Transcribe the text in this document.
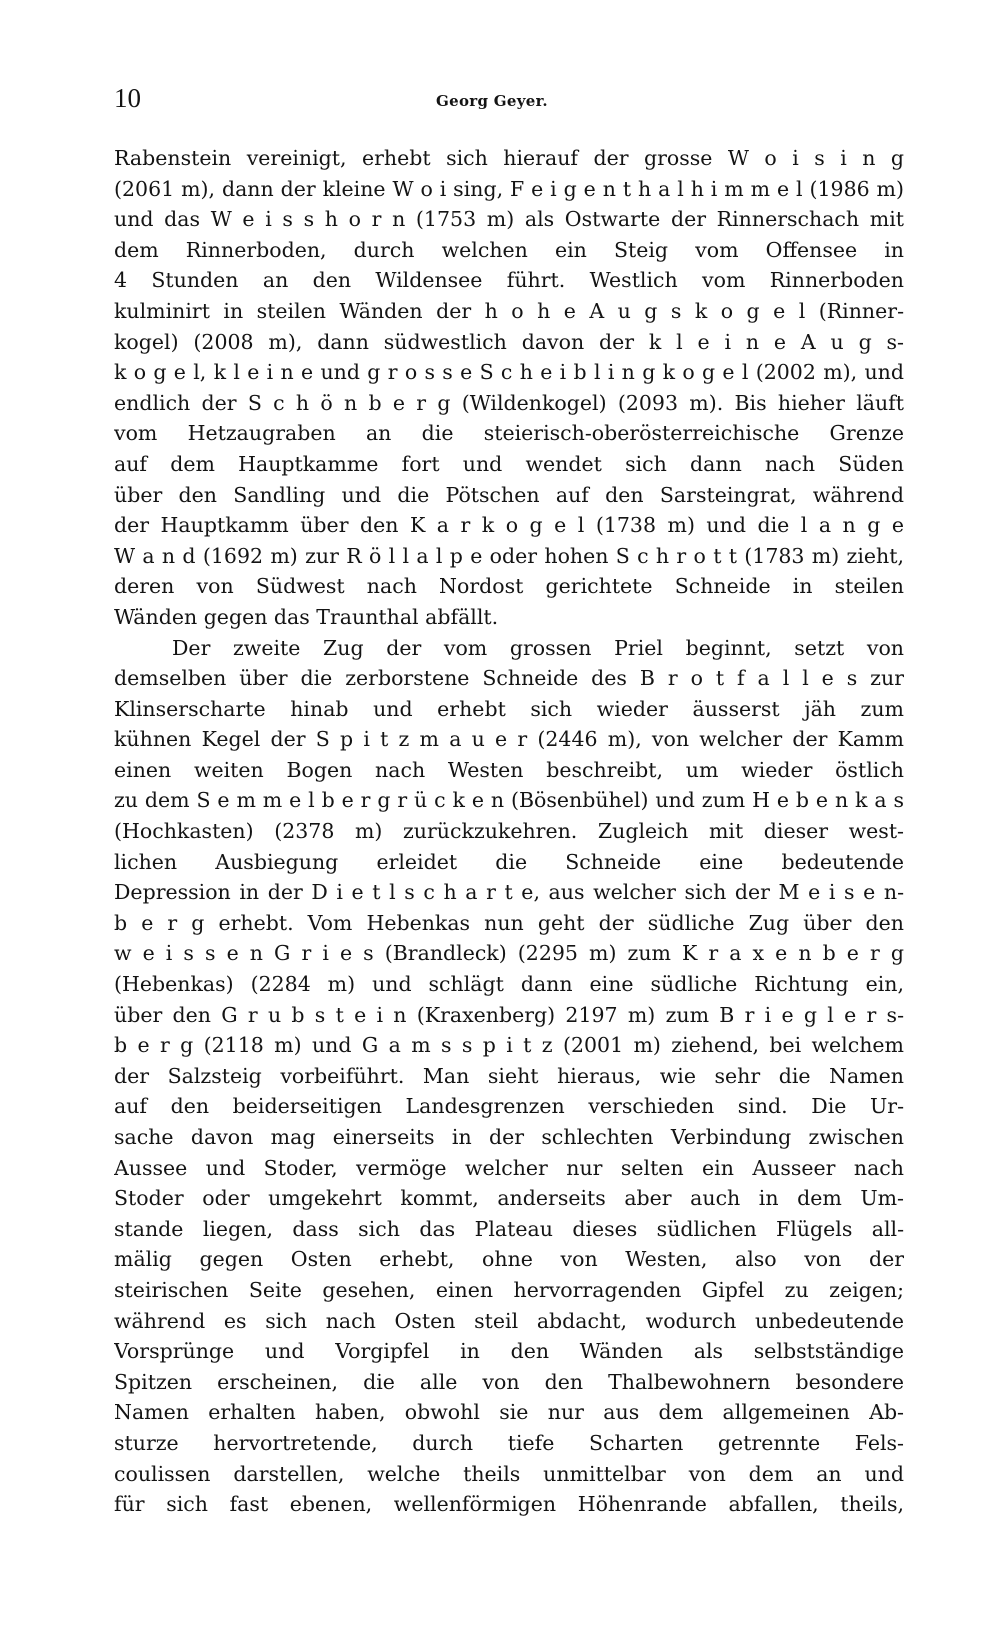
10	Georg Geyer.
Rabenstein vereinigt, erhebt sich hierauf der grosse W o i s i n g
(2061 m), dann der kleine W o i sing, F e i g e n t h a l h i m m e l (1986 m)
und das W e i s s h o r n (1753 m) als Ostwarte der Rinnerschach mit
dem Rinnerboden, durch welchen ein Steig vom Offensee in
4 Stunden an den Wildensee führt. Westlich vom Rinnerboden
kulminirt in steilen Wänden der h o h e A u g s k o g e l (Rinner-
kogel) (2008 m), dann südwestlich davon der k l e i n e A u g s-
k o g e l, k l e i n e und g r o s s e S c h e i b l i n g k o g e l (2002 m), und
endlich der S c h ö n b e r g (Wildenkogel) (2093 m). Bis hieher läuft
vom Hetzaugraben an die steierisch-oberösterreichische Grenze
auf dem Hauptkamme fort und wendet sich dann nach Süden
über den Sandling und die Pötschen auf den Sarsteingrat, während
der Hauptkamm über den K a r k o g e l (1738 m) und die l a n g e
W a n d (1692 m) zur R ö l l a l p e oder hohen S c h r o t t (1783 m) zieht,
deren von Südwest nach Nordost gerichtete Schneide in steilen
Wänden gegen das Traunthal abfällt.
Der zweite Zug der vom grossen Priel beginnt, setzt von
demselben über die zerborstene Schneide des B r o t f a l l e s zur
Klinserscharte hinab und erhebt sich wieder äusserst jäh zum
kühnen Kegel der S p i t z m a u e r (2446 m), von welcher der Kamm
einen weiten Bogen nach Westen beschreibt, um wieder östlich
zu dem S e m m e l b e r g r ü c k e n (Bösenbühel) und zum H e b e n k a s
(Hochkasten) (2378 m) zurückzukehren. Zugleich mit dieser west-
lichen Ausbiegung erleidet die Schneide eine bedeutende
Depression in der D i e t l s c h a r t e, aus welcher sich der M e i s e n-
b e r g erhebt. Vom Hebenkas nun geht der südliche Zug über den
w e i s s e n G r i e s (Brandleck) (2295 m) zum K r a x e n b e r g
(Hebenkas) (2284 m) und schlägt dann eine südliche Richtung ein,
über den G r u b s t e i n (Kraxenberg) 2197 m) zum B r i e g l e r s-
b e r g (2118 m) und G a m s s p i t z (2001 m) ziehend, bei welchem
der Salzsteig vorbeiführt. Man sieht hieraus, wie sehr die Namen
auf den beiderseitigen Landesgrenzen verschieden sind. Die Ur-
sache davon mag einerseits in der schlechten Verbindung zwischen
Aussee und Stoder, vermöge welcher nur selten ein Ausseer nach
Stoder oder umgekehrt kommt, anderseits aber auch in dem Um-
stande liegen, dass sich das Plateau dieses südlichen Flügels all-
mälig gegen Osten erhebt, ohne von Westen, also von der
steirischen Seite gesehen, einen hervorragenden Gipfel zu zeigen;
während es sich nach Osten steil abdacht, wodurch unbedeutende
Vorsprünge und Vorgipfel in den Wänden als selbstständige
Spitzen erscheinen, die alle von den Thalbewohnern besondere
Namen erhalten haben, obwohl sie nur aus dem allgemeinen Ab-
sturze hervortretende, durch tiefe Scharten getrennte Fels-
coulissen darstellen, welche theils unmittelbar von dem an und
für sich fast ebenen, wellenförmigen Höhenrande abfallen, theils,
